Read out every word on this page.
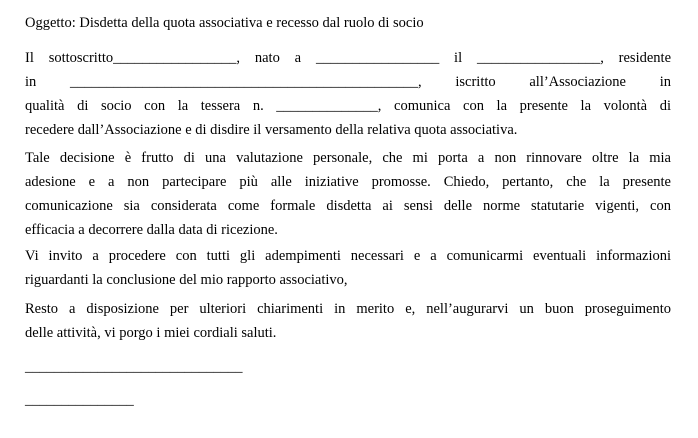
Oggetto: Disdetta della quota associativa e recesso dal ruolo di socio
Il sottoscritto_________________, nato a _________________ il _________________, residente
in ________________________________________________, iscritto all’Associazione in
qualità di socio con la tessera n. ______________, comunica con la presente la volontà di
recedere dall’Associazione e di disdire il versamento della relativa quota associativa.
Tale decisione è frutto di una valutazione personale, che mi porta a non rinnovare oltre la mia
adesione e a non partecipare più alle iniziative promosse. Chiedo, pertanto, che la presente
comunicazione sia considerata come formale disdetta ai sensi delle norme statutarie vigenti, con
efficacia a decorrere dalla data di ricezione.
Vi invito a procedere con tutti gli adempimenti necessari e a comunicarmi eventuali informazioni
riguardanti la conclusione del mio rapporto associativo,
Resto a disposizione per ulteriori chiarimenti in merito e, nell’augurarvi un buon proseguimento
delle attività, vi porgo i miei cordiali saluti.
______________________________
_______________
